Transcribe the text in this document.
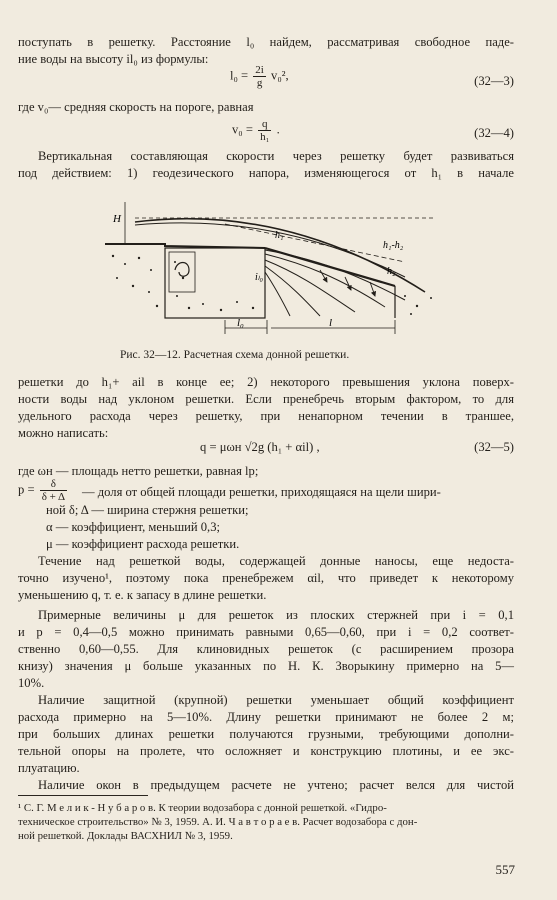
поступать в решетку. Расстояние l₀ найдем, рассматривая свободное паде-
ние воды на высоту il₀ из формулы:
$l_0 = \frac{2i}{g} v_0^2$,	(32—3)
где v₀— средняя скорость на пороге, равная
$v_0 = \frac{q}{\text{h₁}}$ .	(32—4)
Вертикальная составляющая скорости через решетку будет развиваться
под действием: 1) геодезического напора, изменяющегося от h₁ в начале
H
h₁
h₁-h₂
h₂
iₗ₀
l₀	l
Рис. 32—12. Расчетная схема донной решетки.
решетки до h₁+ ail в конце ее; 2) некоторого превышения уклона поверх-
ности воды над уклоном решетки. Если пренебречь вторым фактором, то для
удельного расхода через решетку, при ненапорном течении в траншее,
можно написать:
q = μωн √2g (h₁ + αil) ,	(32—5)
где ωн — площадь нетто решетки, равная lp;
$p = \frac{\delta}{\delta + \Delta}$ — доля от общей площади решетки, приходящаяся на щели шири-
ной δ; Δ — ширина стержня решетки;
α — коэффициент, меньший 0,3;
μ — коэффициент расхода решетки.
Течение над решеткой воды, содержащей донные наносы, еще недоста-
точно изучено¹, поэтому пока пренебрежем αil, что приведет к некоторому
уменьшению q, т. е. к запасу в длине решетки.
Примерные величины μ для решеток из плоских стержней при i = 0,1
и p = 0,4—0,5 можно принимать равными 0,65—0,60, при i = 0,2 соответ-
ственно 0,60—0,55. Для клиновидных решеток (с расширением прозора
книзу) значения μ больше указанных по Н. К. Зворыкину примерно на 5—
10%.
Наличие защитной (крупной) решетки уменьшает общий коэффициент
расхода примерно на 5—10%. Длину решетки принимают не более 2 м;
при больших длинах решетки получаются грузными, требующими дополни-
тельной опоры на пролете, что осложняет и конструкцию плотины, и ее экс-
плуатацию.
Наличие окон в предыдущем расчете не учтено; расчет велся для чистой
¹ С. Г. М е л и к - Н у б а р о в. К теории водозабора с донной решеткой. «Гидро-
техническое строительство» № 3, 1959. А. И. Ч а в т о р а е в. Расчет водозабора с дон-
ной решеткой. Доклады ВАСХНИЛ № 3, 1959.
557
